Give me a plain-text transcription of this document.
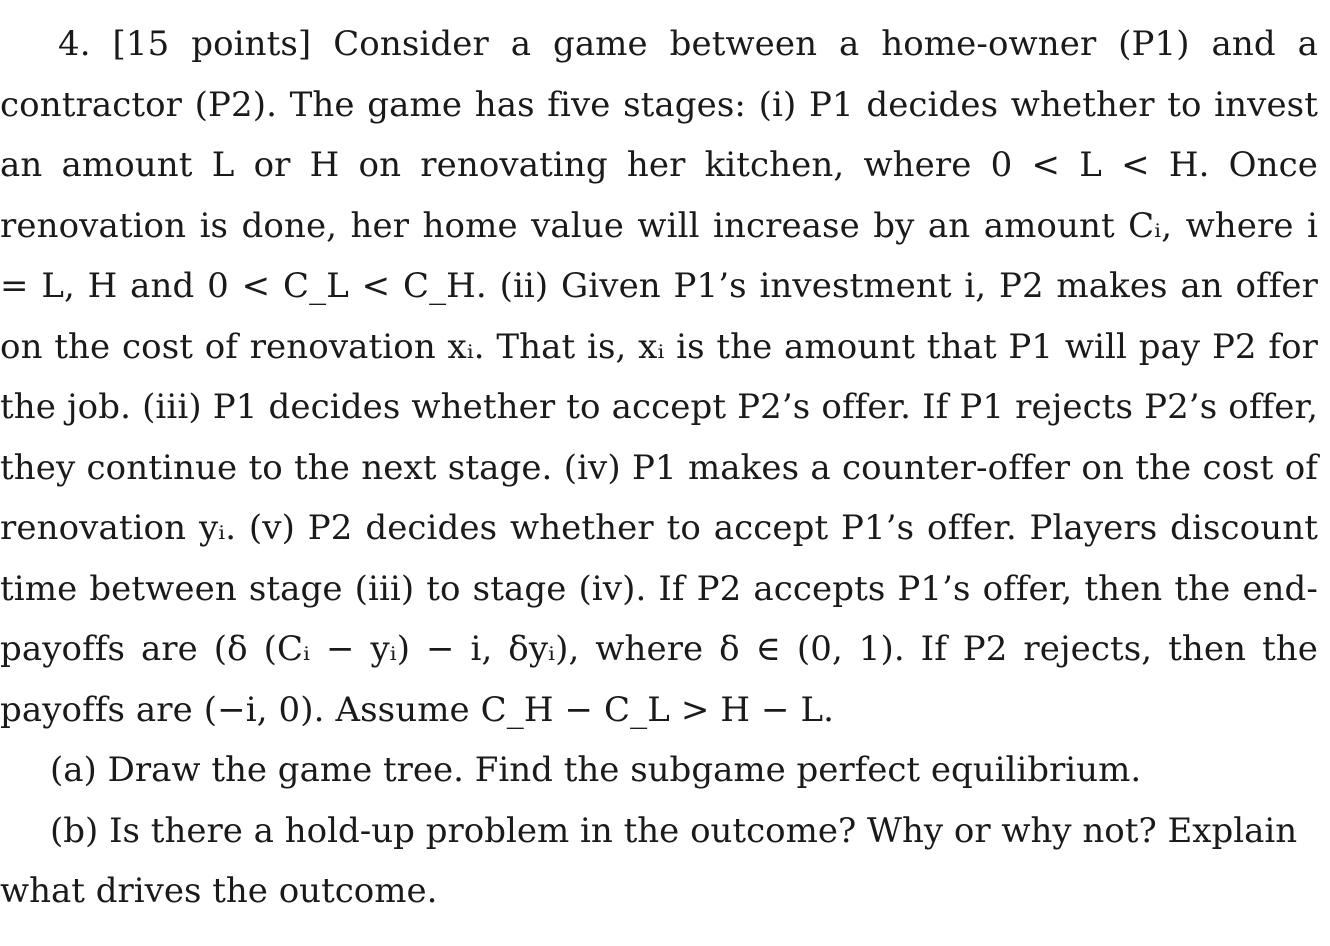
4. [15 points] Consider a game between a home-owner (P1) and a contractor (P2). The game has five stages: (i) P1 decides whether to invest an amount L or H on renovating her kitchen, where 0 < L < H. Once renovation is done, her home value will increase by an amount Cᵢ, where i = L, H and 0 < C_L < C_H. (ii) Given P1’s investment i, P2 makes an offer on the cost of renovation xᵢ. That is, xᵢ is the amount that P1 will pay P2 for the job. (iii) P1 decides whether to accept P2’s offer. If P1 rejects P2’s offer, they continue to the next stage. (iv) P1 makes a counter-offer on the cost of renovation yᵢ. (v) P2 decides whether to accept P1’s offer. Players discount time between stage (iii) to stage (iv). If P2 accepts P1’s offer, then the end-payoffs are (δ (Cᵢ − yᵢ) − i, δyᵢ), where δ ∈ (0, 1). If P2 rejects, then the payoffs are (−i, 0). Assume C_H − C_L > H − L.

(a) Draw the game tree. Find the subgame perfect equilibrium.

(b) Is there a hold-up problem in the outcome? Why or why not? Explain what drives the outcome.
